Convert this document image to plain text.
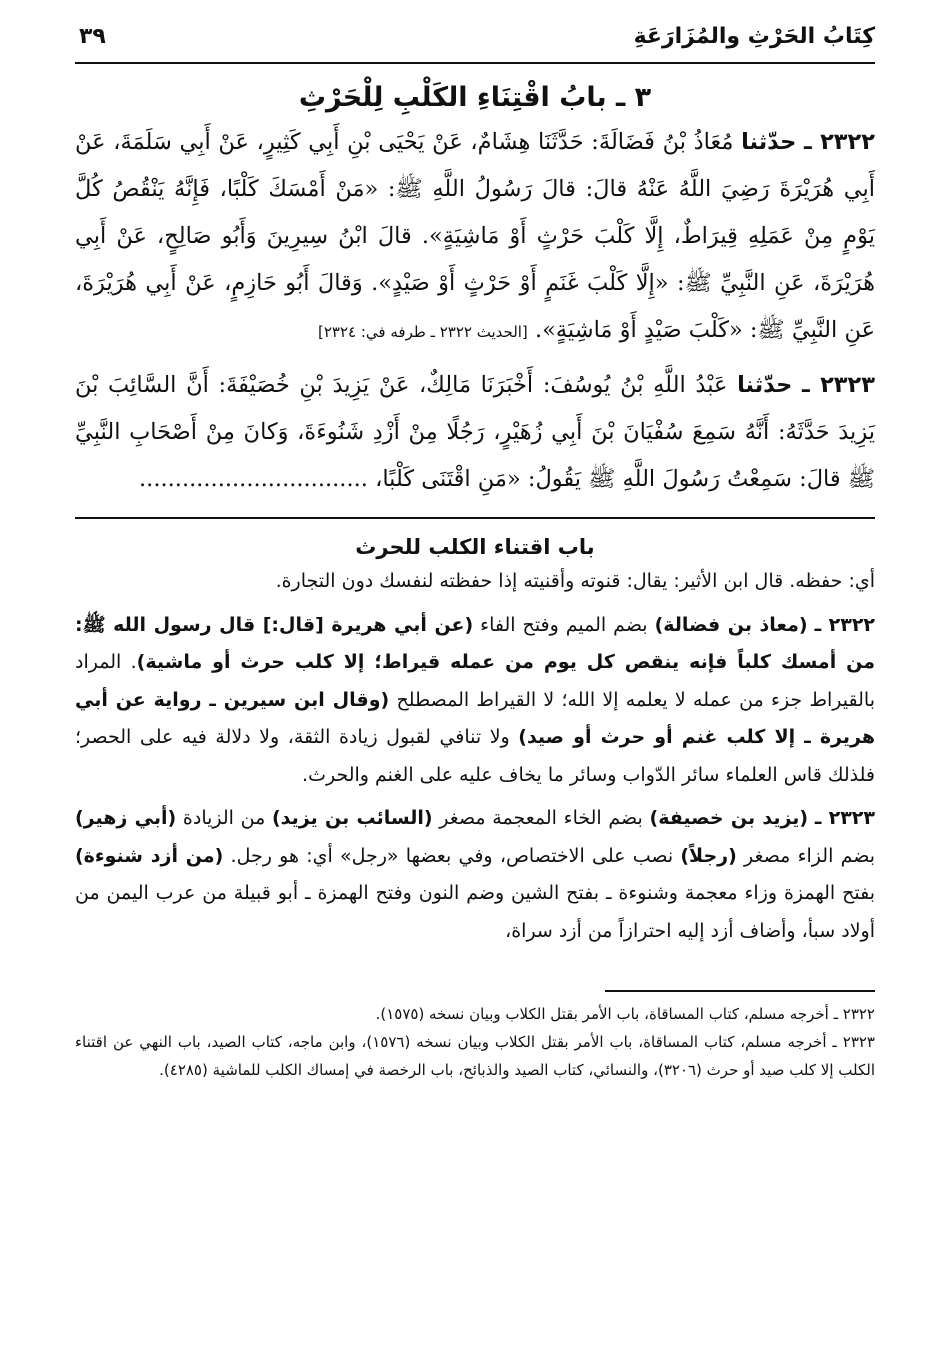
كِتَابُ الحَرْثِ والمُزَارَعَةِ
٣٩
٣ ـ بابُ اقْتِنَاءِ الكَلْبِ لِلْحَرْثِ

٢٣٢٢ ـ حدّثنا مُعَاذُ بْنُ فَضَالَةَ: حَدَّثَنَا هِشَامٌ، عَنْ يَحْيَى بْنِ أَبِي كَثِيرٍ، عَنْ أَبِي سَلَمَةَ، عَنْ أَبِي هُرَيْرَةَ رَضِيَ اللَّهُ عَنْهُ قالَ: قالَ رَسُولُ اللَّهِ ﷺ: «مَنْ أَمْسَكَ كَلْبًا، فَإِنَّهُ يَنْقُصُ كُلَّ يَوْمٍ مِنْ عَمَلِهِ قِيرَاطٌ، إِلَّا كَلْبَ حَرْثٍ أَوْ مَاشِيَةٍ». قالَ ابْنُ سِيرِينَ وَأَبُو صَالِحٍ، عَنْ أَبِي هُرَيْرَةَ، عَنِ النَّبِيِّ ﷺ: «إِلَّا كَلْبَ غَنَمٍ أَوْ حَرْثٍ أَوْ صَيْدٍ». وَقالَ أَبُو حَازِمٍ، عَنْ أَبِي هُرَيْرَةَ، عَنِ النَّبِيِّ ﷺ: «كَلْبَ صَيْدٍ أَوْ مَاشِيَةٍ». [الحديث ٢٣٢٢ ـ طرفه في: ٢٣٢٤]

٢٣٢٣ ـ حدّثنا عَبْدُ اللَّهِ بْنُ يُوسُفَ: أَخْبَرَنَا مَالِكٌ، عَنْ يَزِيدَ بْنِ خُصَيْفَةَ: أَنَّ السَّائِبَ بْنَ يَزِيدَ حَدَّثَهُ: أَنَّهُ سَمِعَ سُفْيَانَ بْنَ أَبِي زُهَيْرٍ، رَجُلًا مِنْ أَزْدِ شَنُوءَةَ، وَكانَ مِنْ أَصْحَابِ النَّبِيِّ ﷺ قالَ: سَمِعْتُ رَسُولَ اللَّهِ ﷺ يَقُولُ: «مَنِ اقْتَنَى كَلْبًا، ................................

باب اقتناء الكلب للحرث

أي: حفظه. قال ابن الأثير: يقال: قنوته وأقنيته إذا حفظته لنفسك دون التجارة.

٢٣٢٢ ـ (معاذ بن فضالة) بضم الميم وفتح الفاء (عن أبي هريرة [قال:] قال رسول الله ﷺ: من أمسك كلباً فإنه ينقص كل يوم من عمله قيراط؛ إلا كلب حرث أو ماشية). المراد بالقيراط جزء من عمله لا يعلمه إلا الله؛ لا القيراط المصطلح (وقال ابن سيرين ـ رواية عن أبي هريرة ـ إلا كلب غنم أو حرث أو صيد) ولا تنافي لقبول زيادة الثقة، ولا دلالة فيه على الحصر؛ فلذلك قاس العلماء سائر الدّواب وسائر ما يخاف عليه على الغنم والحرث.

٢٣٢٣ ـ (يزيد بن خصيفة) بضم الخاء المعجمة مصغر (السائب بن يزيد) من الزيادة (أبي زهير) بضم الزاء مصغر (رجلاً) نصب على الاختصاص، وفي بعضها «رجل» أي: هو رجل. (من أزد شنوءة) بفتح الهمزة وزاء معجمة وشنوءة ـ بفتح الشين وضم النون وفتح الهمزة ـ أبو قبيلة من عرب اليمن من أولاد سبأ، وأضاف أزد إليه احترازاً من أزد سراة،

٢٣٢٢ ـ أخرجه مسلم، كتاب المساقاة، باب الأمر بقتل الكلاب وبيان نسخه (١٥٧٥).

٢٣٢٣ ـ أخرجه مسلم، كتاب المساقاة، باب الأمر بقتل الكلاب وبيان نسخه (١٥٧٦)، وابن ماجه، كتاب الصيد، باب النهي عن اقتناء الكلب إلا كلب صيد أو حرث (٣٢٠٦)، والنسائي، كتاب الصيد والذبائح، باب الرخصة في إمساك الكلب للماشية (٤٢٨٥).
